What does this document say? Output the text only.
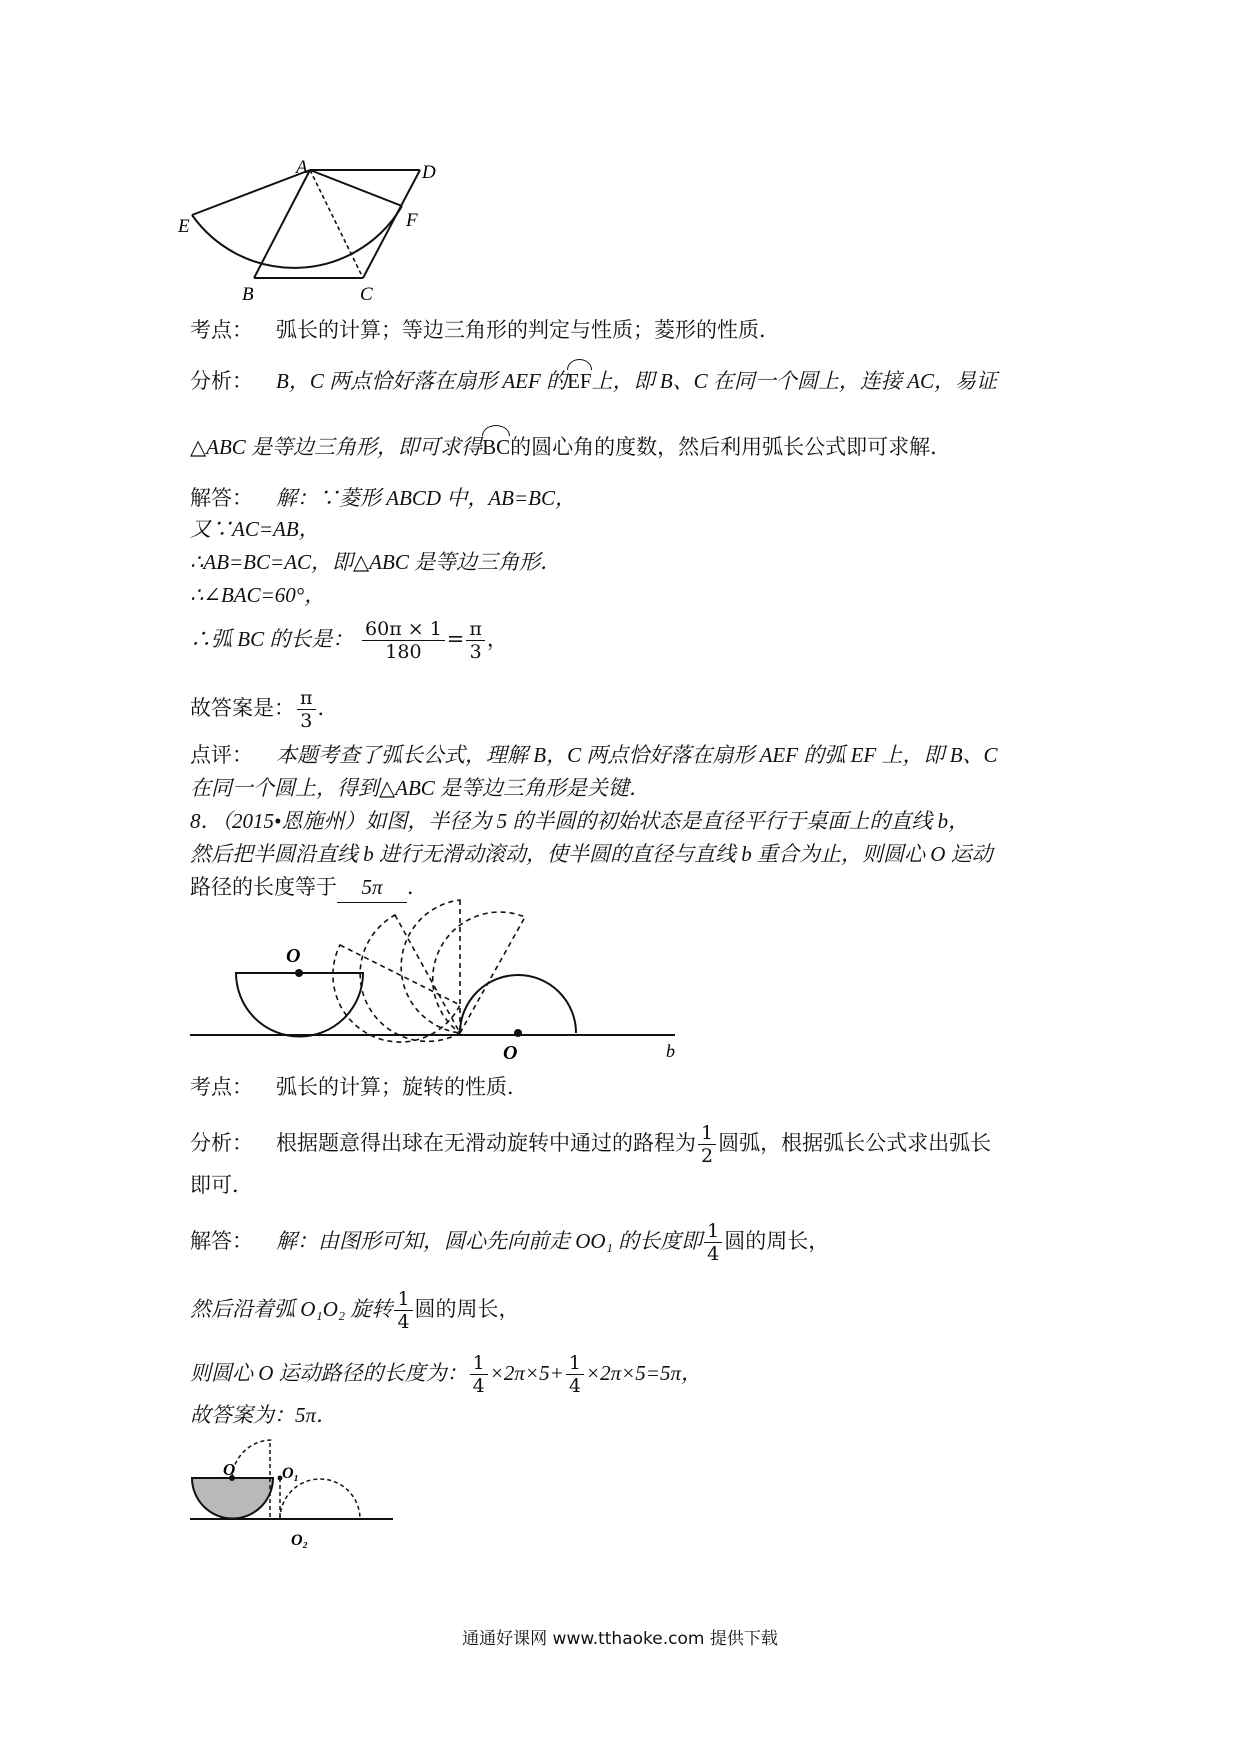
A	D
E	F
B	C
考点： 弧长的计算；等边三角形的判定与性质；菱形的性质．
分析： B，C 两点恰好落在扇形 AEF 的EF上，即 B、C 在同一个圆上，连接 AC，易证
△ABC 是等边三角形，即可求得BC的圆心角的度数，然后利用弧长公式即可求解．
解答： 解：∵菱形 ABCD 中，AB=BC，
又∵AC=AB，
∴AB=BC=AC，即△ABC 是等边三角形．
∴∠BAC=60°，
∴弧 BC 的长是： $\frac{60\pi \times 1}{180} = \frac{\pi}{3}$ ，
故答案是： $\frac{\pi}{3}$ ．
点评： 本题考查了弧长公式，理解 B，C 两点恰好落在扇形 AEF 的弧 EF 上，即 B、C
在同一个圆上，得到△ABC 是等边三角形是关键．
8．（2015•恩施州）如图，半径为 5 的半圆的初始状态是直径平行于桌面上的直线 b，
然后把半圆沿直线 b 进行无滑动滚动，使半圆的直径与直线 b 重合为止，则圆心 O 运动
路径的长度等于 5π ．
O
O	b
考点： 弧长的计算；旋转的性质．
分析： 根据题意得出球在无滑动旋转中通过的路程为 $\frac{1}{2}$ 圆弧，根据弧长公式求出弧长
即可．
解答： 解：由图形可知，圆心先向前走 OO₁ 的长度即 $\frac{1}{4}$ 圆的周长，
然后沿着弧 O₁O₂ 旋转 $\frac{1}{4}$ 圆的周长，
则圆心 O 运动路径的长度为： $\frac{1}{4} \times 2\pi\times 5+ \frac{1}{4} \times 2\pi\times 5=5\pi$，
故答案为：5π．
O	O₁
O₂
通通好课网 www.tthaoke.com 提供下载
